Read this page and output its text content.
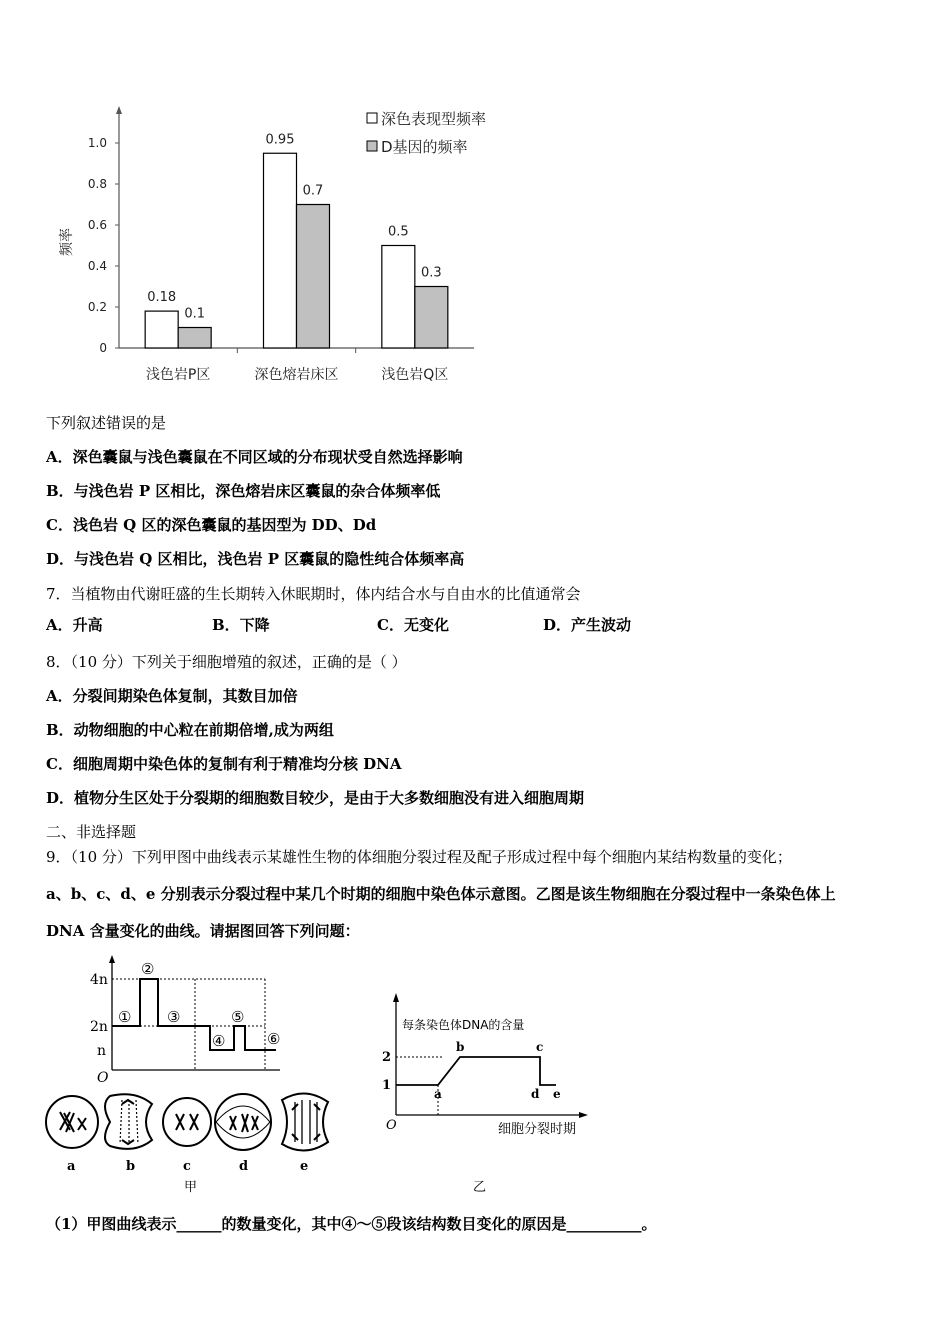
0
0.2
0.4
0.6
0.8
1.0
浅色岩P区	深色熔岩床区	浅色岩Q区
0.18
0.95
0.5
0.1
0.7
0.3
频率
深色表现型频率
D基因的频率
下列叙述错误的是
A．深色囊鼠与浅色囊鼠在不同区域的分布现状受自然选择影响
B．与浅色岩 P 区相比，深色熔岩床区囊鼠的杂合体频率低
C．浅色岩 Q 区的深色囊鼠的基因型为 DD、Dd
D．与浅色岩 Q 区相比，浅色岩 P 区囊鼠的隐性纯合体频率高
7．当植物由代谢旺盛的生长期转入休眠期时，体内结合水与自由水的比值通常会
A．升高	B．下降	C．无变化	D．产生波动
8．（10 分）下列关于细胞增殖的叙述，正确的是（ ）
A．分裂间期染色体复制，其数目加倍
B．动物细胞的中心粒在前期倍增,成为两组
C．细胞周期中染色体的复制有利于精准均分核 DNA
D．植物分生区处于分裂期的细胞数目较少，是由于大多数细胞没有进入细胞周期
二、非选择题
9．（10 分）下列甲图中曲线表示某雄性生物的体细胞分裂过程及配子形成过程中每个细胞内某结构数量的变化；
a、b、c、d、e 分别表示分裂过程中某几个时期的细胞中染色体示意图。乙图是该生物细胞在分裂过程中一条染色体上
DNA 含量变化的曲线。请据图回答下列问题：
4n
2n
n
O
①
②
③
④
⑤
⑥
a	b	c	d	e
甲
每条染色体DNA的含量
2
1
O
a
b	c
d e
细胞分裂时期
乙
（1）甲图曲线表示______的数量变化，其中④～⑤段该结构数目变化的原因是__________。
